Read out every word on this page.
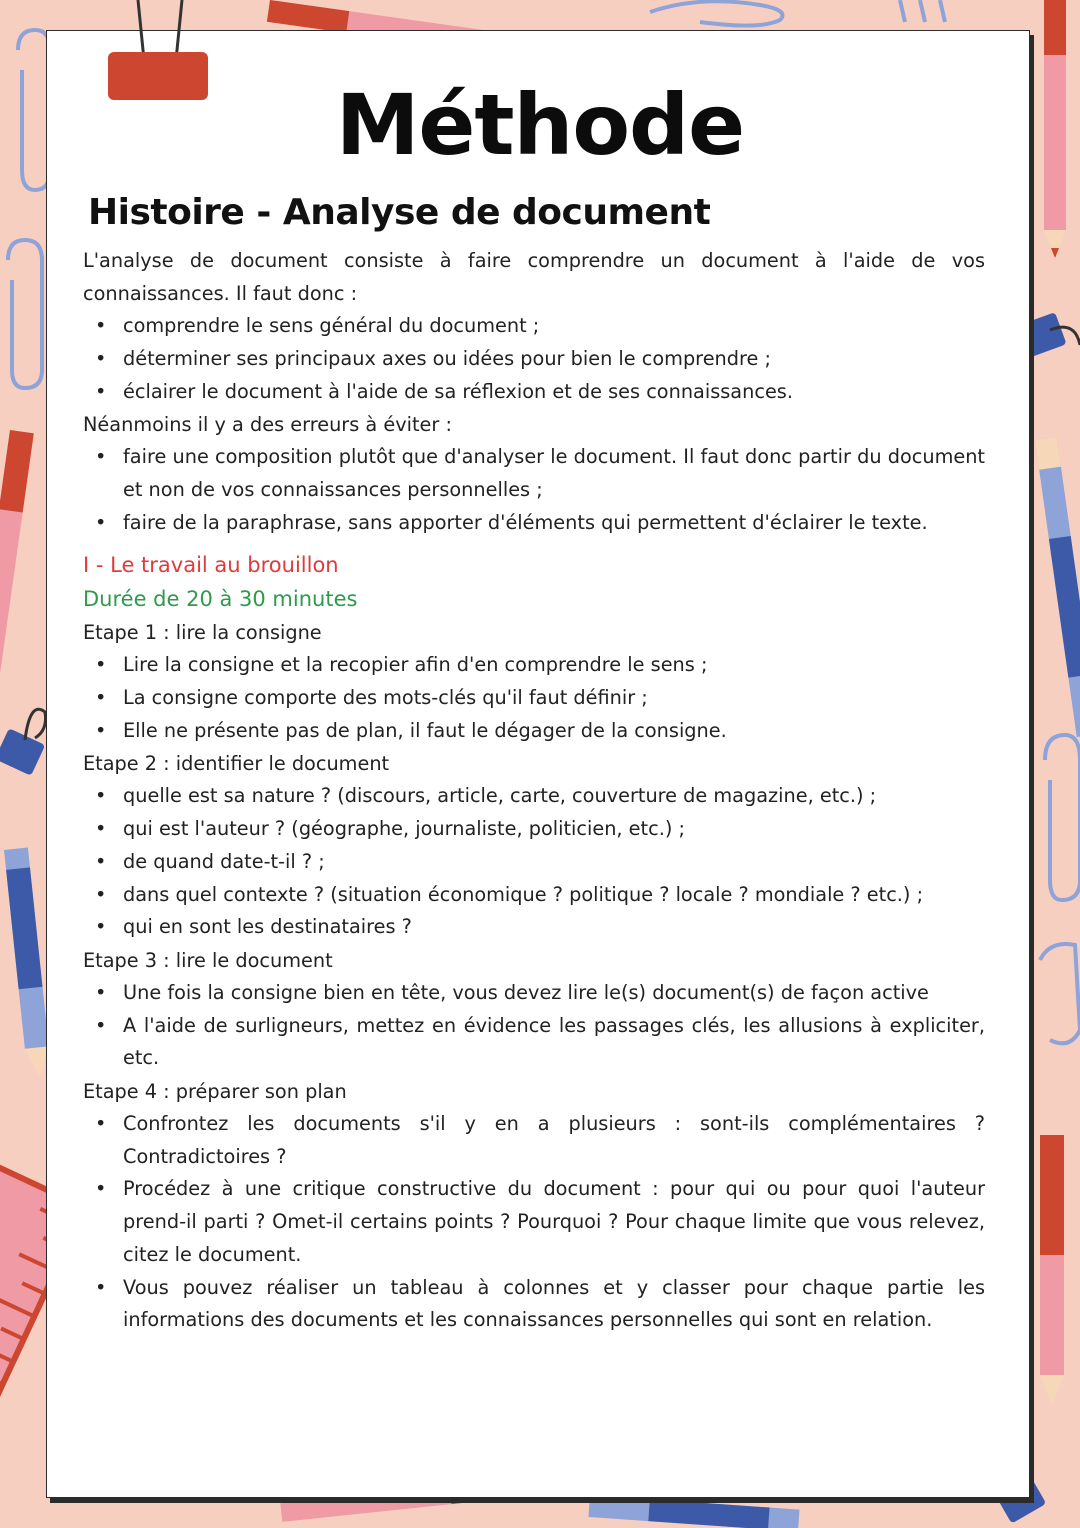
Méthode
Histoire - Analyse de document

L'analyse de document consiste à faire comprendre un document à l'aide de vos connaissances. Il faut donc :

• comprendre le sens général du document ;
• déterminer ses principaux axes ou idées pour bien le comprendre ;
• éclairer le document à l'aide de sa réflexion et de ses connaissances.

Néanmoins il y a des erreurs à éviter :

• faire une composition plutôt que d'analyser le document. Il faut donc partir du document et non de vos connaissances personnelles ;
• faire de la paraphrase, sans apporter d'éléments qui permettent d'éclairer le texte.

I - Le travail au brouillon

Durée de 20 à 30 minutes

Etape 1 : lire la consigne

• Lire la consigne et la recopier afin d'en comprendre le sens ;
• La consigne comporte des mots-clés qu'il faut définir ;
• Elle ne présente pas de plan, il faut le dégager de la consigne.

Etape 2 : identifier le document

• quelle est sa nature ? (discours, article, carte, couverture de magazine, etc.) ;
• qui est l'auteur ? (géographe, journaliste, politicien, etc.) ;
• de quand date-t-il ? ;
• dans quel contexte ? (situation économique ? politique ? locale ? mondiale ? etc.) ;
• qui en sont les destinataires ?

Etape 3 : lire le document

• Une fois la consigne bien en tête, vous devez lire le(s) document(s) de façon active
• A l'aide de surligneurs, mettez en évidence les passages clés, les allusions à expliciter, etc.

Etape 4 : préparer son plan

• Confrontez les documents s'il y en a plusieurs : sont-ils complémentaires ? Contradictoires ?
• Procédez à une critique constructive du document : pour qui ou pour quoi l'auteur prend-il parti ? Omet-il certains points ? Pourquoi ? Pour chaque limite que vous relevez, citez le document.
• Vous pouvez réaliser un tableau à colonnes et y classer pour chaque partie les informations des documents et les connaissances personnelles qui sont en relation.
